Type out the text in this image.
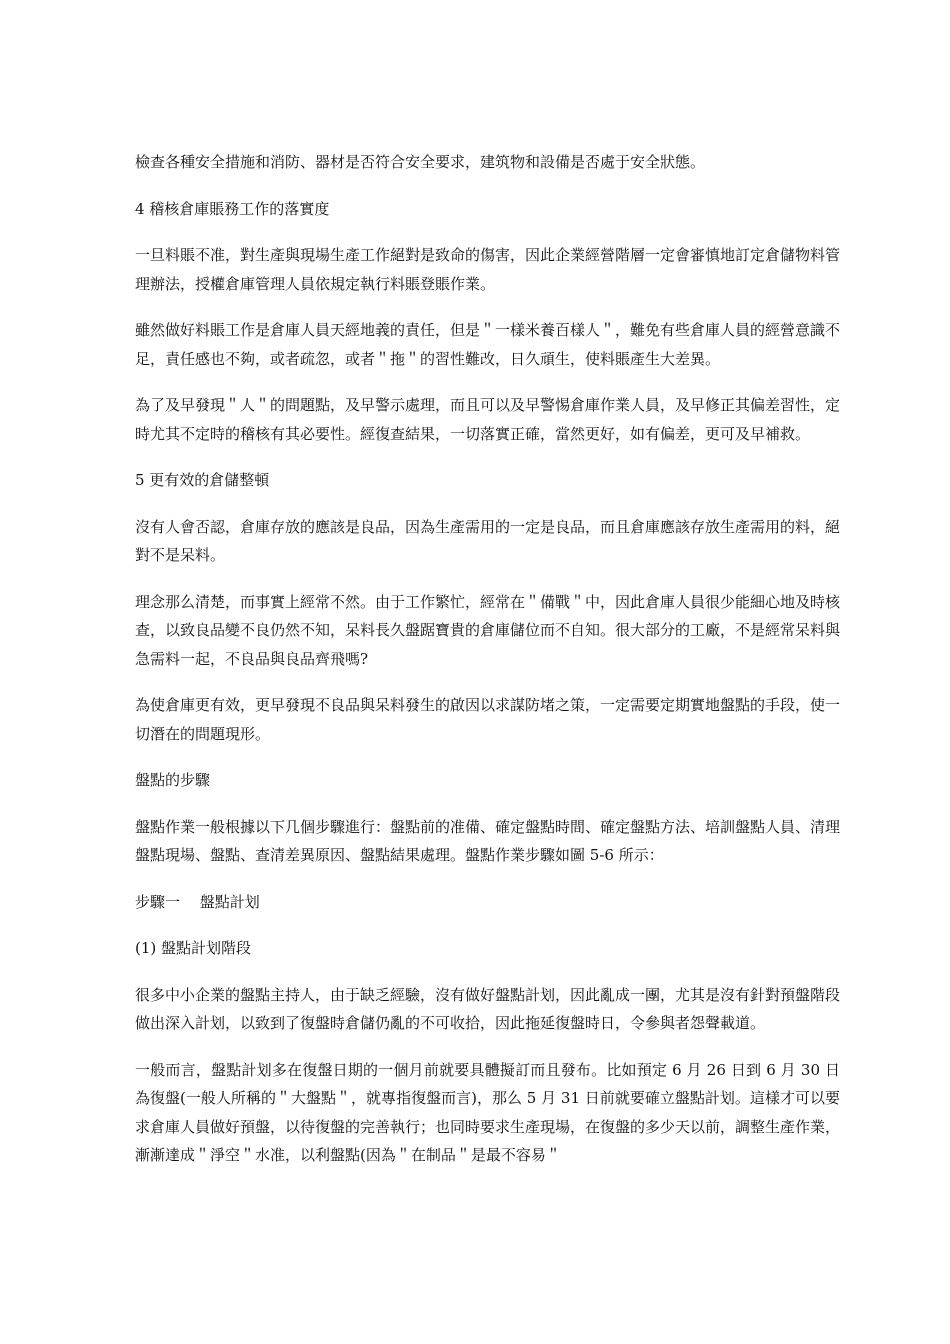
檢查各種安全措施和消防、器材是否符合安全要求，建筑物和設備是否處于安全狀態。

4 稽核倉庫賬務工作的落實度

一旦料賬不准，對生產與現場生產工作絕對是致命的傷害，因此企業經營階層一定會審慎地訂定倉儲物料管理辦法，授權倉庫管理人員依規定執行料賬登賬作業。

雖然做好料賬工作是倉庫人員天經地義的責任，但是＂一樣米養百樣人＂，難免有些倉庫人員的經營意識不足，責任感也不夠，或者疏忽，或者＂拖＂的習性難改，日久頑生，使料賬產生大差異。

為了及早發現＂人＂的問題點，及早警示處理，而且可以及早警惕倉庫作業人員，及早修正其偏差習性，定時尤其不定時的稽核有其必要性。經復查結果，一切落實正確，當然更好，如有偏差，更可及早補救。

5 更有效的倉儲整頓

沒有人會否認，倉庫存放的應該是良品，因為生產需用的一定是良品，而且倉庫應該存放生產需用的料，絕對不是呆料。

理念那么清楚，而事實上經常不然。由于工作繁忙，經常在＂備戰＂中，因此倉庫人員很少能細心地及時核查，以致良品變不良仍然不知，呆料長久盤踞寶貴的倉庫儲位而不自知。很大部分的工廠，不是經常呆料與急需料一起，不良品與良品齊飛嗎?

為使倉庫更有效，更早發現不良品與呆料發生的啟因以求謀防堵之策，一定需要定期實地盤點的手段，使一切潛在的問題現形。

盤點的步驟

盤點作業一般根據以下几個步驟進行：盤點前的准備、確定盤點時間、確定盤點方法、培訓盤點人員、清理盤點現場、盤點、查清差異原因、盤點結果處理。盤點作業步驟如圖 5-6 所示：

步驟一　 盤點計划

(1) 盤點計划階段

很多中小企業的盤點主持人，由于缺乏經驗，沒有做好盤點計划，因此亂成一團，尤其是沒有針對預盤階段做出深入計划，以致到了復盤時倉儲仍亂的不可收拾，因此拖延復盤時日，令參與者怨聲載道。

一般而言，盤點計划多在復盤日期的一個月前就要具體擬訂而且發布。比如預定 6 月 26 日到 6 月 30 日為復盤(一般人所稱的＂大盤點＂，就專指復盤而言)，那么 5 月 31 日前就要確立盤點計划。這樣才可以要求倉庫人員做好預盤，以待復盤的完善執行；也同時要求生產現場，在復盤的多少天以前，調整生產作業，漸漸達成＂淨空＂水准，以利盤點(因為＂在制品＂是最不容易＂
